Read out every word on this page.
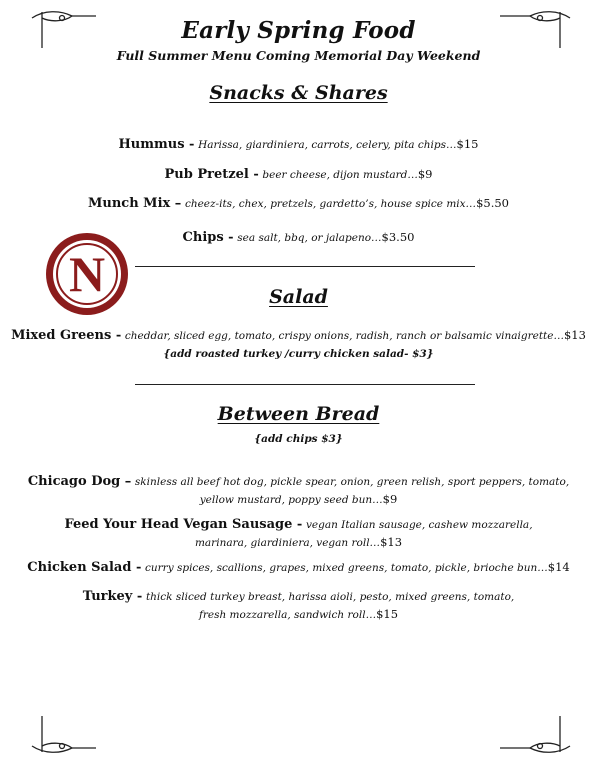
Early Spring Food
Full Summer Menu Coming Memorial Day Weekend
N
Snacks & Shares
Hummus - Harissa, giardiniera, carrots, celery, pita chips…$15
Pub Pretzel - beer cheese, dijon mustard…$9
Munch Mix – cheez-its, chex, pretzels, gardetto’s, house spice mix…$5.50
Chips - sea salt, bbq, or jalapeno…$3.50
Salad
Mixed Greens - cheddar, sliced egg, tomato, crispy onions, radish, ranch or balsamic vinaigrette…$13
{add roasted turkey /curry chicken salad- $3}
Between Bread
{add chips $3}
Chicago Dog – skinless all beef hot dog, pickle spear, onion, green relish, sport peppers, tomato,
yellow mustard, poppy seed bun…$9
Feed Your Head Vegan Sausage - vegan Italian sausage, cashew mozzarella,
marinara, giardiniera, vegan roll…$13
Chicken Salad - curry spices, scallions, grapes, mixed greens, tomato, pickle, brioche bun…$14
Turkey - thick sliced turkey breast, harissa aioli, pesto, mixed greens, tomato,
fresh mozzarella, sandwich roll…$15
